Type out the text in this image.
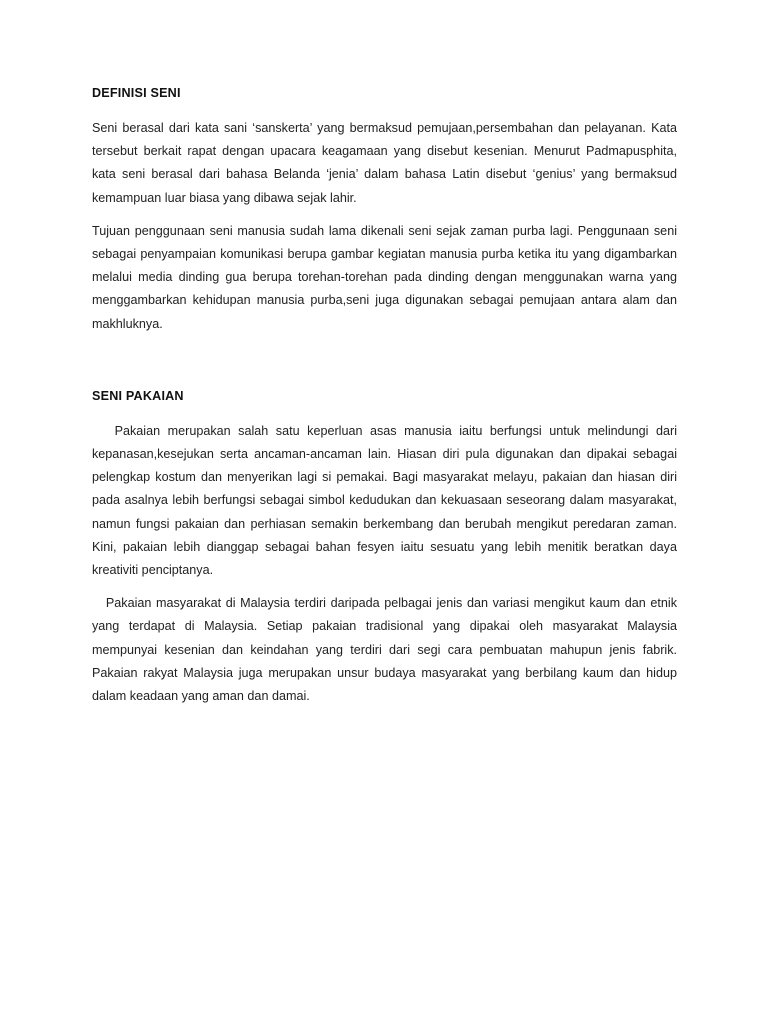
DEFINISI SENI

Seni berasal dari kata sani ‘sanskerta’ yang bermaksud pemujaan,persembahan dan pelayanan. Kata tersebut berkait rapat dengan upacara keagamaan yang disebut kesenian. Menurut Padmapusphita, kata seni berasal dari bahasa Belanda ‘jenia’ dalam bahasa Latin disebut ‘genius’ yang bermaksud kemampuan luar biasa yang dibawa sejak lahir.

Tujuan penggunaan seni manusia sudah lama dikenali seni sejak zaman purba lagi. Penggunaan seni sebagai penyampaian komunikasi berupa gambar kegiatan manusia purba ketika itu yang digambarkan melalui media dinding gua berupa torehan-torehan pada dinding dengan menggunakan warna yang menggambarkan kehidupan manusia purba,seni juga digunakan sebagai pemujaan antara alam dan makhluknya.

SENI PAKAIAN

Pakaian merupakan salah satu keperluan asas manusia iaitu berfungsi untuk melindungi dari kepanasan,kesejukan serta ancaman-ancaman lain. Hiasan diri pula digunakan dan dipakai sebagai pelengkap kostum dan menyerikan lagi si pemakai. Bagi masyarakat melayu, pakaian dan hiasan diri pada asalnya lebih berfungsi sebagai simbol kedudukan dan kekuasaan seseorang dalam masyarakat, namun fungsi pakaian dan perhiasan semakin berkembang dan berubah mengikut peredaran zaman. Kini, pakaian lebih dianggap sebagai bahan fesyen iaitu sesuatu yang lebih menitik beratkan daya kreativiti penciptanya.

Pakaian masyarakat di Malaysia terdiri daripada pelbagai jenis dan variasi mengikut kaum dan etnik yang terdapat di Malaysia. Setiap pakaian tradisional yang dipakai oleh masyarakat Malaysia mempunyai kesenian dan keindahan yang terdiri dari segi cara pembuatan mahupun jenis fabrik. Pakaian rakyat Malaysia juga merupakan unsur budaya masyarakat yang berbilang kaum dan hidup dalam keadaan yang aman dan damai.
